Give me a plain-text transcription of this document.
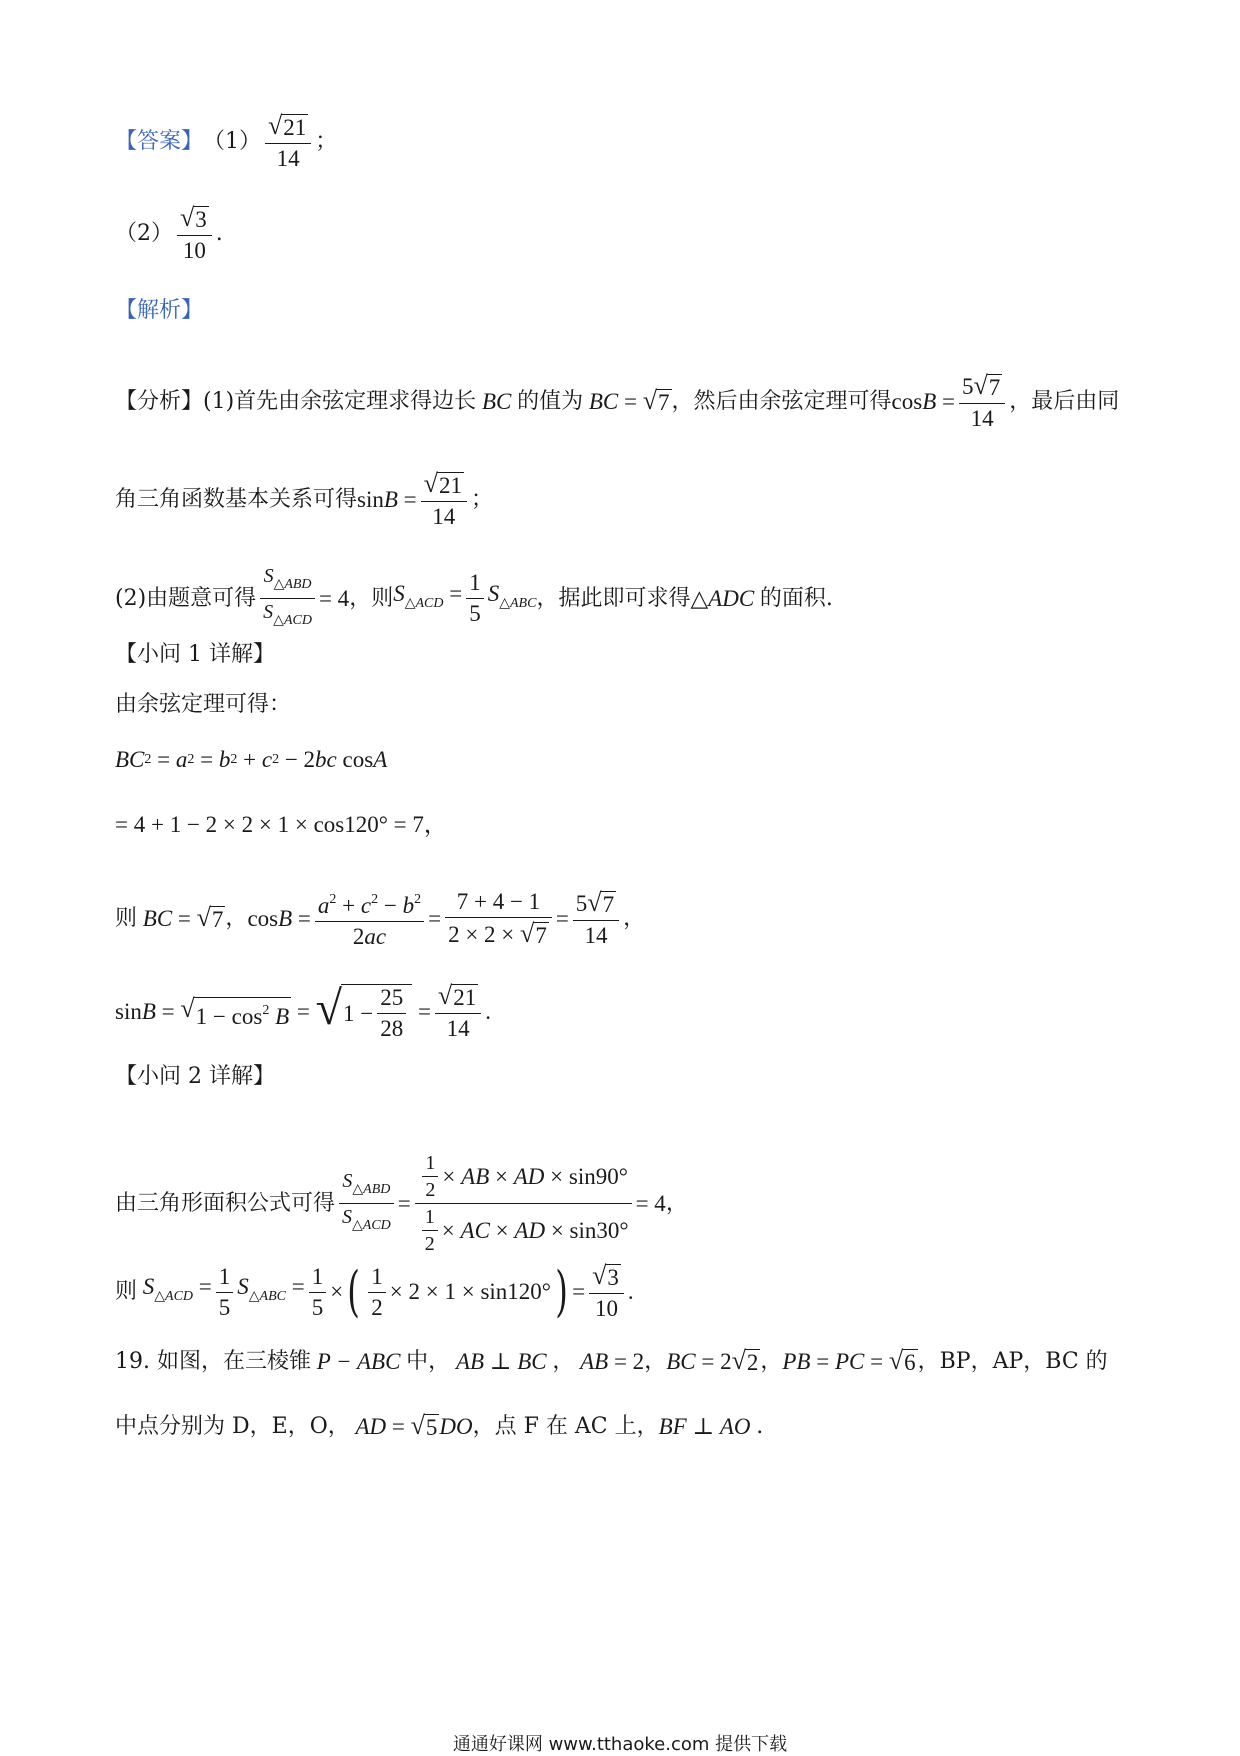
【答案】 $(1) \frac{√ 21}{14}$ ；
$(2) \frac{√ 3}{10}$ .
【解析】
【分析】 (1)首先由余弦定理求得边长 BC 的值为 BC = √ 7 ，然后由余弦定理可得 $\cos B = \frac{5 √ 7}{14}$ ，最后由同
角三角函数基本关系可得 $\sin B = \frac{√ 21}{14}$ ；
(2)由题意可得 $\frac{S_{\triangle ABD}}{S_{\triangle ACD}} = 4$ ，则 $S_{\triangle ACD} = \frac{1}{5} S_{\triangle ABC}$ ，据此即可求得 △ADC 的面积.
【小问 1 详解】
由余弦定理可得：
BC 2 = a 2 = b 2 + c 2 − 2 bc cos A
= 4 + 1 − 2 × 2 × 1 × cos120° = 7，
则 BC = √ 7 ， $\cos B = \frac{a^2 + c^2 - b^2}{2ac} = \frac{7 + 4 - 1}{2 \times 2 \times √ 7} = \frac{5 √ 7}{14}$ ，
sin B = √ $1 - \cos^2 B$ = √ $1 - \frac{25}{28} = \frac{√ 21}{14}$ .
【小问 2 详解】
由三角形面积公式可得 $\frac{S_{\triangle ABD}}{S_{\triangle ACD}} = \frac{\frac{1}{2} \times AB \times AD \times \sin 90^\circ}{\frac{1}{2} \times AC \times AD \times \sin 30^\circ} = 4$ ，
则 $S_{\triangle ACD} = \frac{1}{5} S_{\triangle ABC} = \frac{1}{5}$ × ( $\frac{1}{2} \times 2 \times 1 \times \sin 120^\circ$ ) = $\frac{√ 3}{10}$ .
19. 如图，在三棱锥 P − ABC 中， AB ⊥ BC ， AB = 2 ， BC = 2 √ 2 ， PB = PC = √ 6 ，BP，AP，BC 的
中点分别为 D，E，O， AD = √ 5 DO ，点 F 在 AC 上， BF ⊥ AO .
通通好课网 www.tthaoke.com 提供下载
